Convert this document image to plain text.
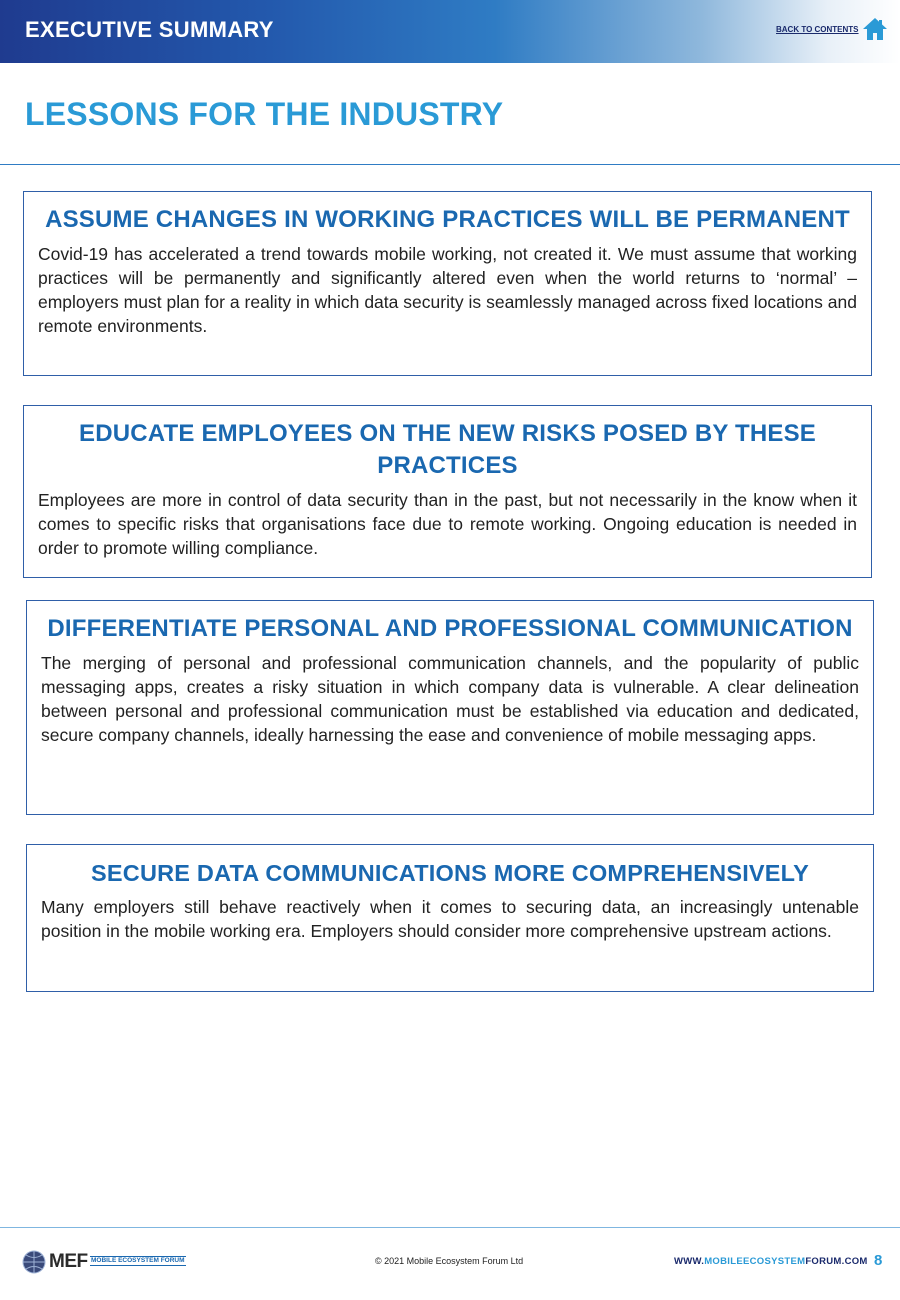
EXECUTIVE SUMMARY	BACK TO CONTENTS
LESSONS FOR THE INDUSTRY
ASSUME CHANGES IN WORKING PRACTICES WILL BE PERMANENT

Covid-19 has accelerated a trend towards mobile working, not created it. We must assume that working practices will be permanently and significantly altered even when the world returns to ‘normal’ – employers must plan for a reality in which data security is seamlessly managed across fixed locations and remote environments.

EDUCATE EMPLOYEES ON THE NEW RISKS POSED BY THESE PRACTICES

Employees are more in control of data security than in the past, but not necessarily in the know when it comes to specific risks that organisations face due to remote working. Ongoing education is needed in order to promote willing compliance.

DIFFERENTIATE PERSONAL AND PROFESSIONAL COMMUNICATION

The merging of personal and professional communication channels, and the popularity of public messaging apps, creates a risky situation in which company data is vulnerable. A clear delineation between personal and professional communication must be established via education and dedicated, secure company channels, ideally harnessing the ease and convenience of mobile messaging apps.

SECURE DATA COMMUNICATIONS MORE COMPREHENSIVELY

Many employers still behave reactively when it comes to securing data, an increasingly untenable position in the mobile working era. Employers should consider more comprehensive upstream actions.

MEF MOBILE ECOSYSTEM FORUM	© 2021 Mobile Ecosystem Forum Ltd	WWW.MOBILEECOSYSTEMFORUM.COM 8
